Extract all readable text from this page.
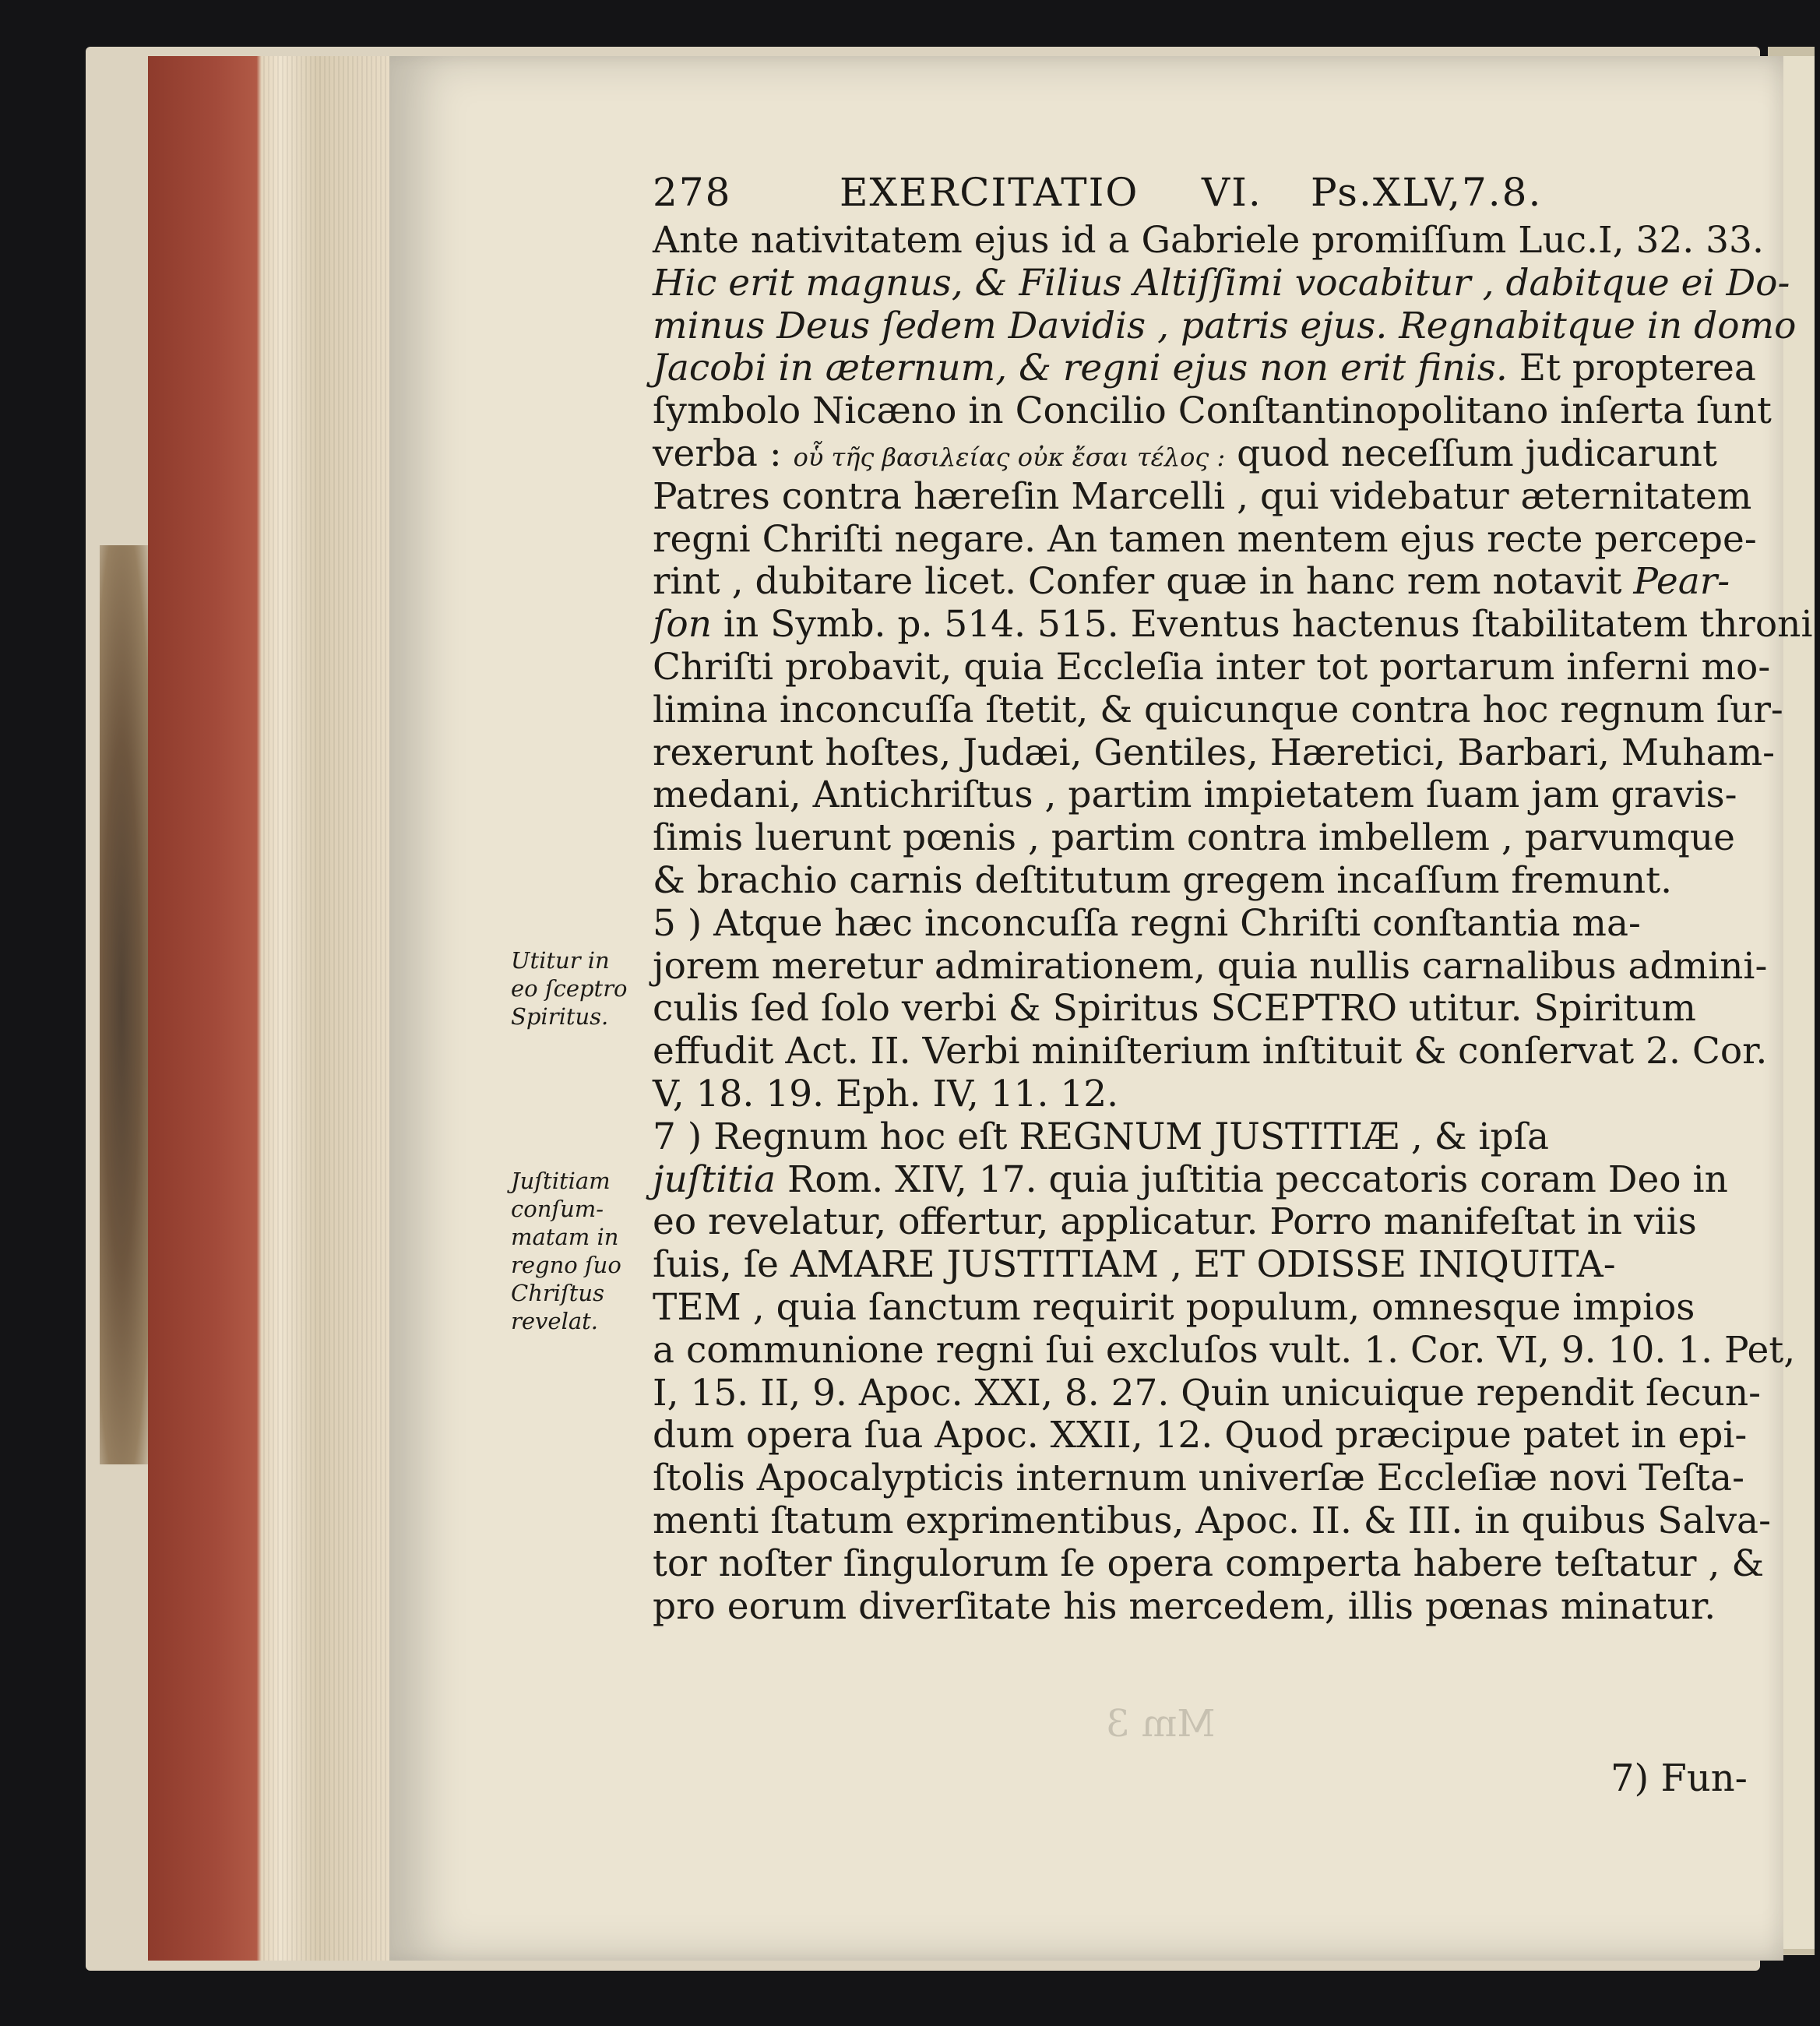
Mm 3
278	EXERCITATIO VI. Ps.XLV,7.8.
Ante nativitatem ejus id a Gabriele promiſſum Luc.I, 32. 33.
Hic erit magnus, & Filius Altiſſimi vocabitur , dabitque ei Do-
minus Deus ſedem Davidis , patris ejus. Regnabitque in domo
Jacobi in æternum, & regni ejus non erit finis. Et propterea
ſymbolo Nicæno in Concilio Conſtantinopolitano inſerta ſunt
verba : οὗ τῆς βασιλείας οὐκ ἔσαι τέλος : quod neceſſum judicarunt
Patres contra hæreſin Marcelli , qui videbatur æternitatem
regni Chriſti negare. An tamen mentem ejus recte percepe-
rint , dubitare licet. Confer quæ in hanc rem notavit Pear-
ſon in Symb. p. 514. 515. Eventus hactenus ſtabilitatem throni
Chriſti probavit, quia Eccleſia inter tot portarum inferni mo-
limina inconcuſſa ſtetit, & quicunque contra hoc regnum ſur-
rexerunt hoſtes, Judæi, Gentiles, Hæretici, Barbari, Muham-
medani, Antichriſtus , partim impietatem ſuam jam gravis-
ſimis luerunt pœnis , partim contra imbellem , parvumque
& brachio carnis deſtitutum gregem incaſſum fremunt.
5 ) Atque hæc inconcuſſa regni Chriſti conſtantia ma-
jorem meretur admirationem, quia nullis carnalibus admini-
culis ſed ſolo verbi & Spiritus SCEPTRO utitur. Spiritum
effudit Act. II. Verbi miniſterium inſtituit & conſervat 2. Cor.
V, 18. 19. Eph. IV, 11. 12.
7 ) Regnum hoc eſt REGNUM JUSTITIÆ , & ipſa
juſtitia Rom. XIV, 17. quia juſtitia peccatoris coram Deo in
eo revelatur, offertur, applicatur. Porro manifeſtat in viis
ſuis, ſe AMARE JUSTITIAM , ET ODISSE INIQUITA-
TEM , quia ſanctum requirit populum, omnesque impios
a communione regni ſui excluſos vult. 1. Cor. VI, 9. 10. 1. Pet,
I, 15. II, 9. Apoc. XXI, 8. 27. Quin unicuique rependit ſecun-
dum opera ſua Apoc. XXII, 12. Quod præcipue patet in epi-
ſtolis Apocalypticis internum univerſæ Eccleſiæ novi Teſta-
menti ſtatum exprimentibus, Apoc. II. & III. in quibus Salva-
tor noſter ſingulorum ſe opera comperta habere teſtatur , &
pro eorum diverſitate his mercedem, illis pœnas minatur.
Utitur in
eo ſceptro
Spiritus.
Juſtitiam
conſum-
matam in
regno ſuo
Chriſtus
revelat.
7) Fun-
